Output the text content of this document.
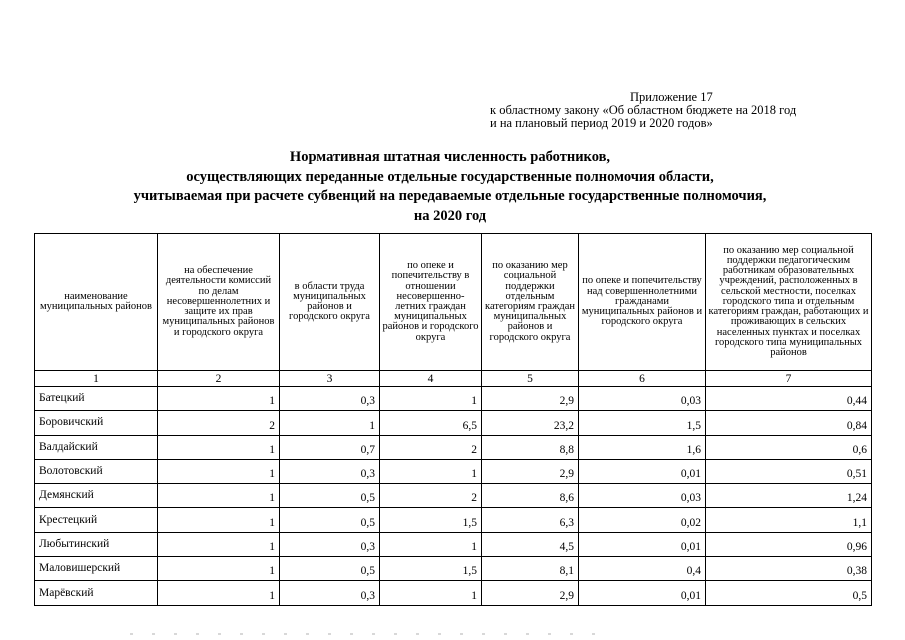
Приложение 17
к областному закону «Об областном бюджете на 2018 год
и на плановый период 2019 и 2020 годов»
Нормативная штатная численность работников,
осуществляющих переданные отдельные государственные полномочия области,
учитываемая при расчете субвенций на передаваемые отдельные государственные полномочия,
на 2020 год
наименование муниципальных районов	на обеспечение деятельности комиссий по делам несовершеннолетних и защите их прав муниципальных районов и городского округа	в области труда муниципальных районов и городского округа	по опеке и попечительству в отношении несовершенно-летних граждан муниципальных районов и городского округа	по оказанию мер социальной поддержки отдельным категориям граждан муниципальных районов и городского округа	по опеке и попечительству над совершеннолетними гражданами муниципальных районов и городского округа	по оказанию мер социальной поддержки педагогическим работникам образовательных учреждений, расположенных в сельской местности, поселках городского типа и отдельным категориям граждан, работающих и проживающих в сельских населенных пунктах и поселках городского типа муниципальных районов
1	2	3	4	5	6	7
Батецкий	1	0,3	1	2,9	0,03	0,44
Боровичский	2	1	6,5	23,2	1,5	0,84
Валдайский	1	0,7	2	8,8	1,6	0,6
Волотовский	1	0,3	1	2,9	0,01	0,51
Демянский	1	0,5	2	8,6	0,03	1,24
Крестецкий	1	0,5	1,5	6,3	0,02	1,1
Любытинский	1	0,3	1	4,5	0,01	0,96
Маловишерский	1	0,5	1,5	8,1	0,4	0,38
Марёвский	1	0,3	1	2,9	0,01	0,5
